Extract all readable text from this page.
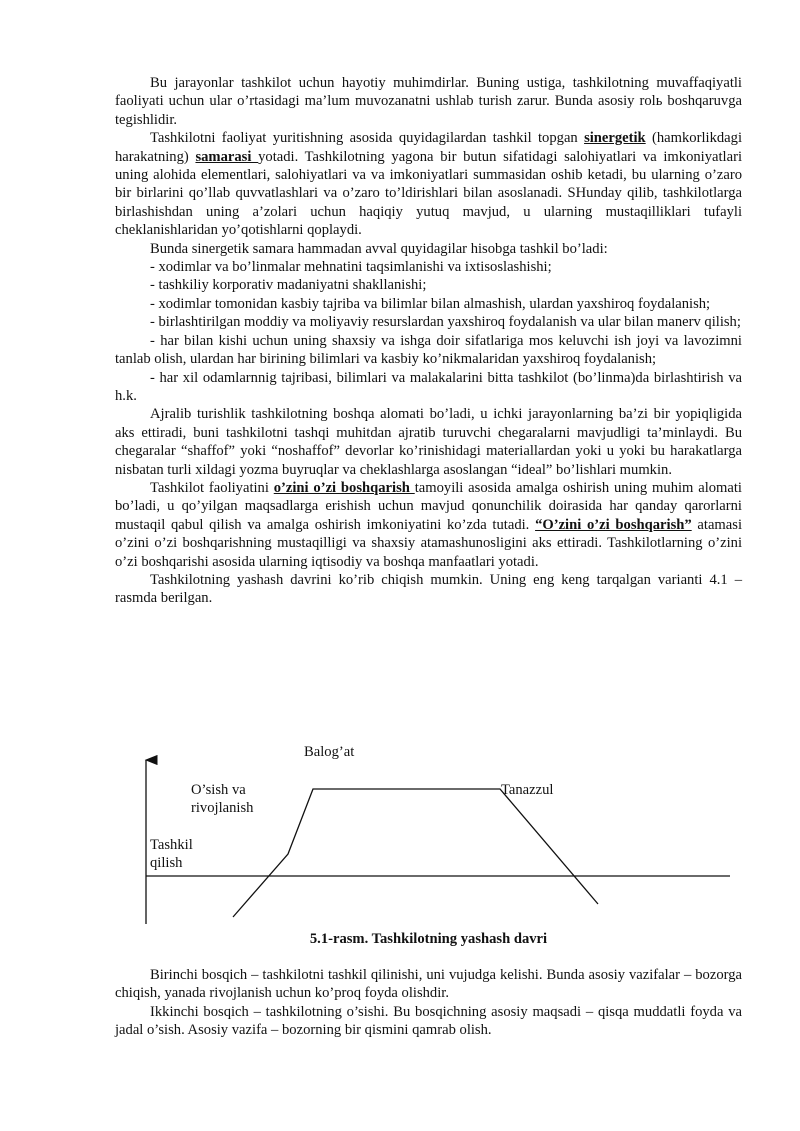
Bu jarayonlar tashkilot uchun hayotiy muhimdirlar. Buning ustiga, tashkilotning muvaffaqiyatli faoliyati uchun ular o’rtasidagi ma’lum muvozanatni ushlab turish zarur. Bunda asosiy rolь boshqaruvga tegishlidir.

Tashkilotni faoliyat yuritishning asosida quyidagilardan tashkil topgan sinergetik (hamkorlikdagi harakatning) samarasi yotadi. Tashkilotning yagona bir butun sifatidagi salohiyatlari va imkoniyatlari uning alohida elementlari, salohiyatlari va va imkoniyatlari summasidan oshib ketadi, bu ularning o’zaro bir birlarini qo’llab quvvatlashlari va o’zaro to’ldirishlari bilan asoslanadi. SHunday qilib, tashkilotlarga birlashishdan uning a’zolari uchun haqiqiy yutuq mavjud, u ularning mustaqilliklari tufayli cheklanishlaridan yo’qotishlarni qoplaydi.

Bunda sinergetik samara hammadan avval quyidagilar hisobga tashkil bo’ladi:

- xodimlar va bo’linmalar mehnatini taqsimlanishi va ixtisoslashishi;

- tashkiliy korporativ madaniyatni shakllanishi;

- xodimlar tomonidan kasbiy tajriba va bilimlar bilan almashish, ulardan yaxshiroq foydalanish;

- birlashtirilgan moddiy va moliyaviy resurslardan yaxshiroq foydalanish va ular bilan manerv qilish;

- har bilan kishi uchun uning shaxsiy va ishga doir sifatlariga mos keluvchi ish joyi va lavozimni tanlab olish, ulardan har birining bilimlari va kasbiy ko’nikmalaridan yaxshiroq foydalanish;

- har xil odamlarnnig tajribasi, bilimlari va malakalarini bitta tashkilot (bo’linma)da birlashtirish va h.k.

Ajralib turishlik tashkilotning boshqa alomati bo’ladi, u ichki jarayonlarning ba’zi bir yopiqligida aks ettiradi, buni tashkilotni tashqi muhitdan ajratib turuvchi chegaralarni mavjudligi ta’minlaydi. Bu chegaralar “shaffof” yoki “noshaffof” devorlar ko’rinishidagi materiallardan yoki u yoki bu harakatlarga nisbatan turli xildagi yozma buyruqlar va cheklashlarga asoslangan “ideal” bo’lishlari mumkin.

Tashkilot faoliyatini o’zini o’zi boshqarish tamoyili asosida amalga oshirish uning muhim alomati bo’ladi, u qo’yilgan maqsadlarga erishish uchun mavjud qonunchilik doirasida har qanday qarorlarni mustaqil qabul qilish va amalga oshirish imkoniyatini ko’zda tutadi. “O’zini o’zi boshqarish” atamasi o’zini o’zi boshqarishning mustaqilligi va shaxsiy atamashunosligini aks ettiradi. Tashkilotlarning o’zini o’zi boshqarishi asosida ularning iqtisodiy va boshqa manfaatlari yotadi.

Tashkilotning yashash davrini ko’rib chiqish mumkin. Uning eng keng tarqalgan varianti 4.1 – rasmda berilgan.

Balog’at
O’sish va
rivojlanish
Tanazzul
Tashkil
qilish
5.1-rasm. Tashkilotning yashash davri

Birinchi bosqich – tashkilotni tashkil qilinishi, uni vujudga kelishi. Bunda asosiy vazifalar – bozorga chiqish, yanada rivojlanish uchun ko’proq foyda olishdir.

Ikkinchi bosqich – tashkilotning o’sishi. Bu bosqichning asosiy maqsadi – qisqa muddatli foyda va jadal o’sish. Asosiy vazifa – bozorning bir qismini qamrab olish.
